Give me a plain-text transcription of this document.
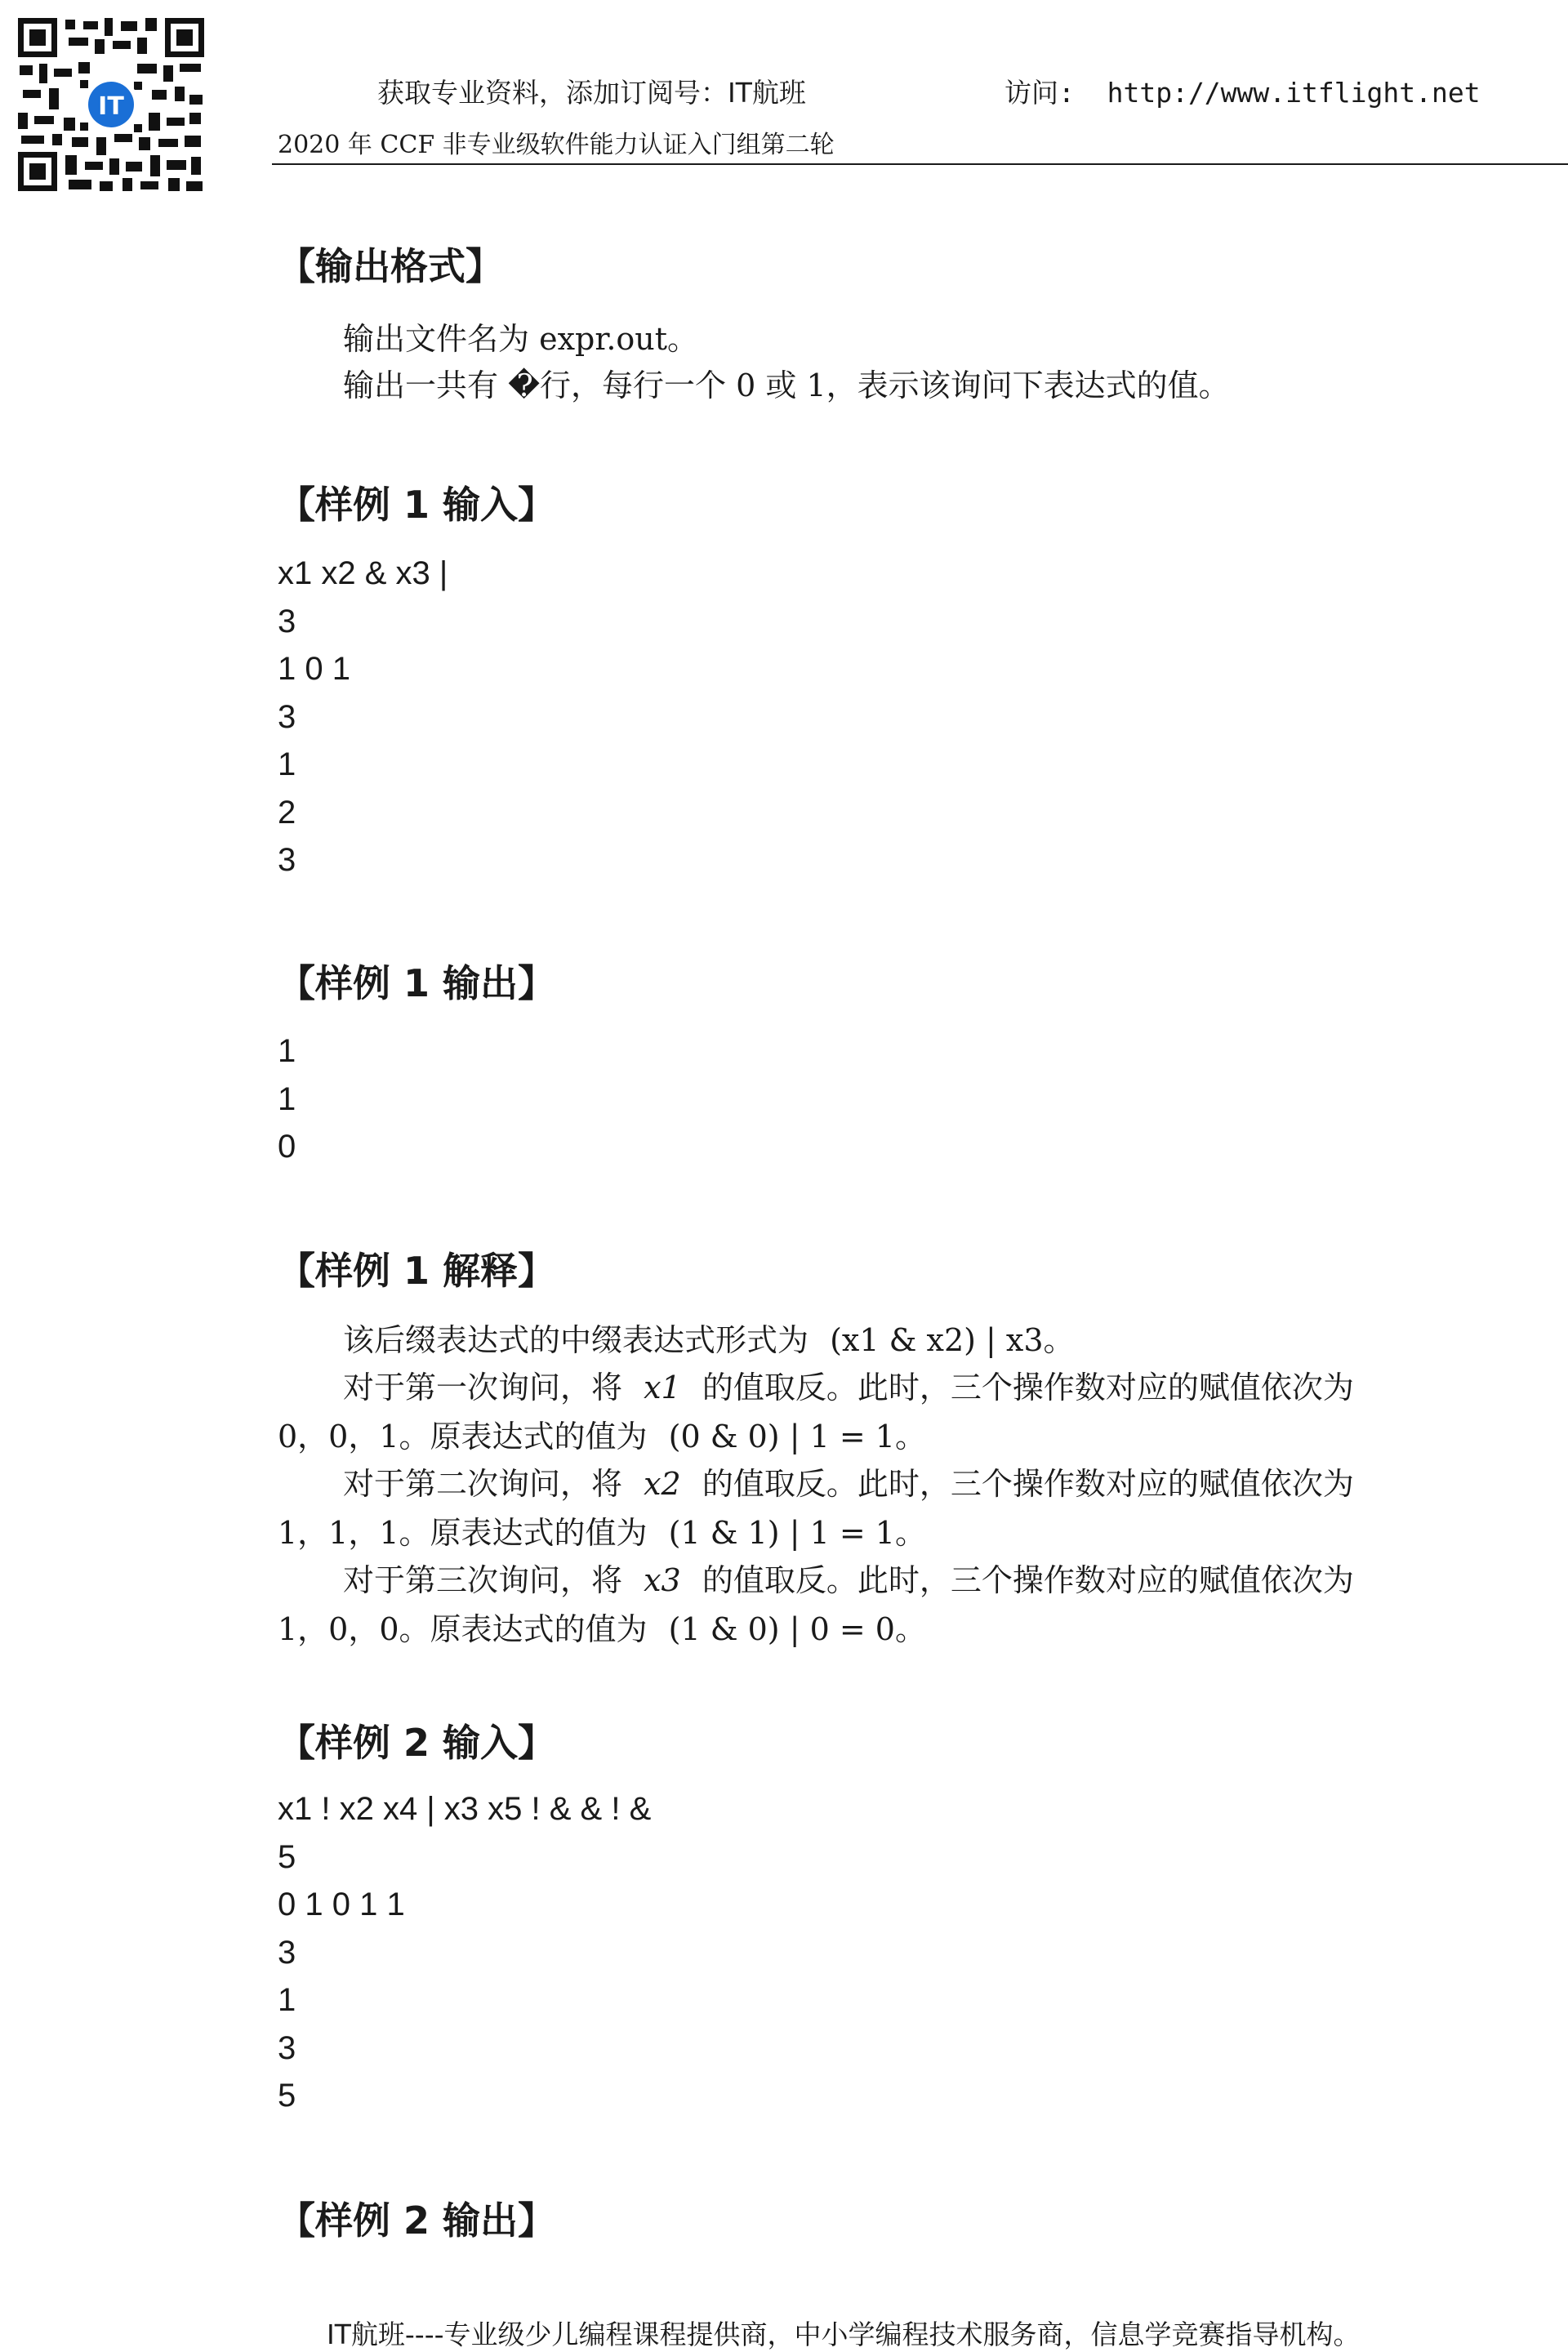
IT	获取专业资料，添加订阅号：IT航班	访问:  http://www.itflight.net
2020 年 CCF 非专业级软件能力认证入门组第二轮
【输出格式】
输出文件名为 expr.out。
输出一共有 �行，每行一个 0 或 1，表示该询问下表达式的值。
【样例 1 输入】
x1 x2 & x3 |
3
1 0 1
3
1
2
3
【样例 1 输出】
1
1
0
【样例 1 解释】
该后缀表达式的中缀表达式形式为 (x1 & x2) | x3。
对于第一次询问，将 x1 的值取反。此时，三个操作数对应的赋值依次为
0，0，1。原表达式的值为 (0 & 0) | 1 = 1。
对于第二次询问，将 x2 的值取反。此时，三个操作数对应的赋值依次为
1，1，1。原表达式的值为 (1 & 1) | 1 = 1。
对于第三次询问，将 x3 的值取反。此时，三个操作数对应的赋值依次为
1，0，0。原表达式的值为 (1 & 0) | 0 = 0。
【样例 2 输入】
x1 ! x2 x4 | x3 x5 ! & & ! &
5
0 1 0 1 1
3
1
3
5
【样例 2 输出】
IT航班----专业级少儿编程课程提供商，中小学编程技术服务商，信息学竞赛指导机构。
